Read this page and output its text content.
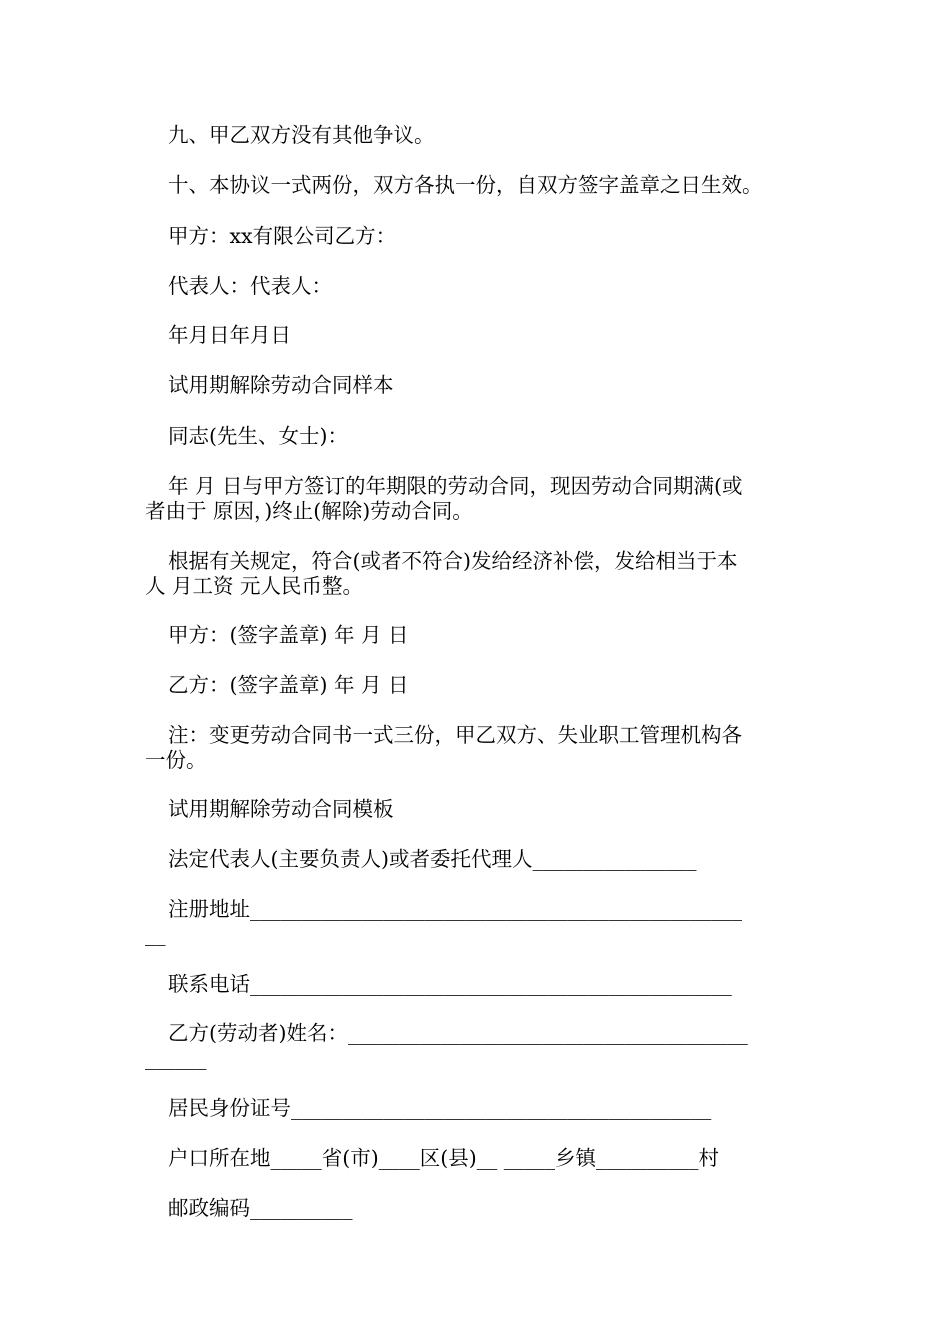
九、甲乙双方没有其他争议。
十、本协议一式两份，双方各执一份，自双方签字盖章之日生效。
甲方：xx有限公司乙方：
代表人：代表人：
年月日年月日
试用期解除劳动合同样本
同志(先生、女士)：
年 月 日与甲方签订的年期限的劳动合同，现因劳动合同期满(或
者由于 原因，)终止(解除)劳动合同。
根据有关规定，符合(或者不符合)发给经济补偿，发给相当于本
人 月工资 元人民币整。
甲方：(签字盖章) 年 月 日
乙方：(签字盖章) 年 月 日
注：变更劳动合同书一式三份，甲乙双方、失业职工管理机构各
一份。
试用期解除劳动合同模板
法定代表人(主要负责人)或者委托代理人________________
注册地址________________________________________________
__
联系电话_______________________________________________
乙方(劳动者)姓名：_______________________________________
______
居民身份证号_________________________________________
户口所在地_____省(市)____区(县)__ _____乡镇__________村
邮政编码__________
